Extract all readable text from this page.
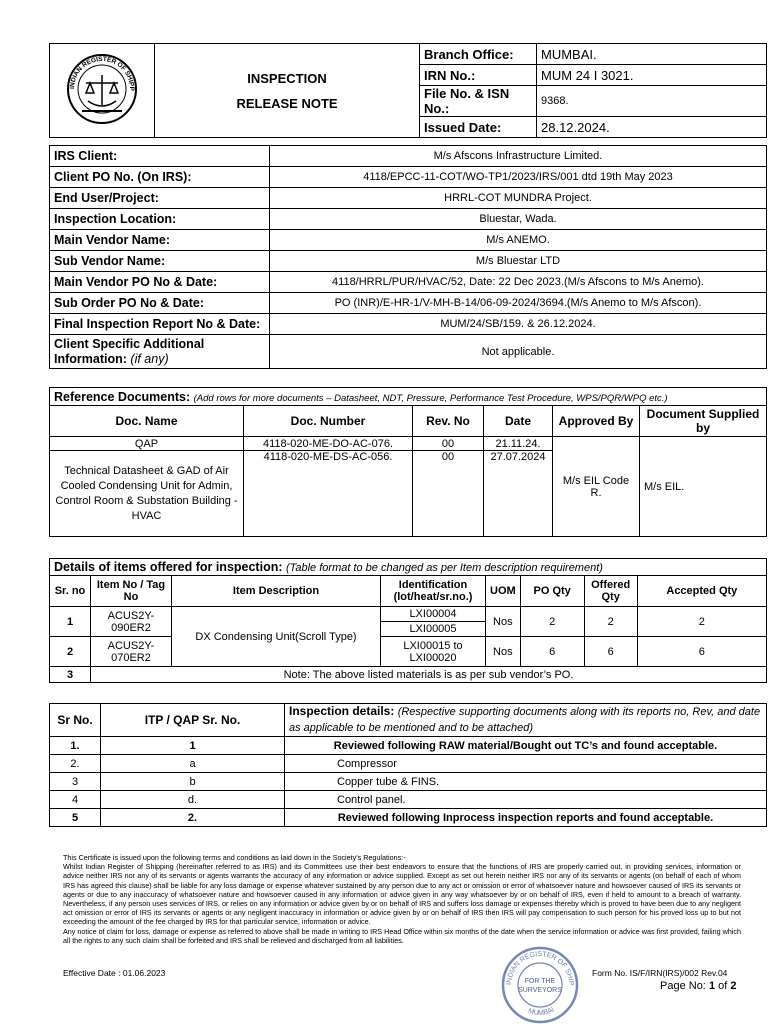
INDIAN REGISTER OF SHIPP	INSPECTION
RELEASE NOTE	Branch Office:	MUMBAI.
		IRN No.:	MUM 24 I 3021.
		File No. & ISN No.:	9368.
		Issued Date:	28.12.2024.
IRS Client:	M/s Afscons Infrastructure Limited.
Client PO No. (On IRS):	4118/EPCC-11-COT/WO-TP1/2023/IRS/001 dtd 19th May 2023
End User/Project:	HRRL-COT MUNDRA Project.
Inspection Location:	Bluestar, Wada.
Main Vendor Name:	M/s ANEMO.
Sub Vendor Name:	M/s Bluestar LTD
Main Vendor PO No & Date:	4118/HRRL/PUR/HVAC/52, Date: 22 Dec 2023.(M/s Afscons to M/s Anemo).
Sub Order PO No & Date:	PO (INR)/E-HR-1/V-MH-B-14/06-09-2024/3694.(M/s Anemo to M/s Afscon).
Final Inspection Report No & Date:	MUM/24/SB/159. & 26.12.2024.
Client Specific Additional Information: (if any)	Not applicable.
Reference Documents: (Add rows for more documents – Datasheet, NDT, Pressure, Performance Test Procedure, WPS/PQR/WPQ etc.)					
Doc. Name	Doc. Number	Rev. No	Date	Approved By	Document Supplied by
QAP	4118-020-ME-DO-AC-076.	00	21.11.24.	M/s EIL Code R.	M/s EIL.
Technical Datasheet & GAD of Air Cooled Condensing Unit for Admin, Control Room & Substation Building - HVAC	4118-020-ME-DS-AC-056.	00	27.07.2024		
Details of items offered for inspection: (Table format to be changed as per Item description requirement)							
Sr. no	Item No / Tag No	Item Description	Identification (lot/heat/sr.no.)	UOM	PO Qty	Offered Qty	Accepted Qty
1	ACUS2Y-090ER2	DX Condensing Unit(Scroll Type)	LXI00004	Nos	2	2	2
			LXI00005				
2	ACUS2Y-070ER2		LXI00015 to LXI00020	Nos	6	6	6
3	Note: The above listed materials is as per sub vendor’s PO.						
Sr No.	ITP / QAP Sr. No.	Inspection details: (Respective supporting documents along with its reports no, Rev, and date as applicable to be mentioned and to be attached)
1.	1	Reviewed following RAW material/Bought out TC’s and found acceptable.
2.	a	Compressor
3	b	Copper tube & FINS.
4	d.	Control panel.
5	2.	Reviewed following Inprocess inspection reports and found acceptable.
This Certificate is issued upon the following terms and conditions as laid down in the Society's Regulations:-
Whilst Indian Register of Shipping (hereinafter referred to as IRS) and its Committees use their best endeavors to ensure that the functions of IRS are properly carried out, in providing services, information or advice neither IRS nor any of its servants or agents warrants the accuracy of any information or advice supplied. Except as set out herein neither IRS nor any of its servants or agents (on behalf of each of whom IRS has agreed this clause) shall be liable for any loss damage or expense whatever sustained by any person due to any act or omission or error of whatsoever nature and howsoever caused of IRS its servants or agents or due to any inaccuracy of whatsoever nature and howsoever caused in any information or advice given in any way whatsoever by or on behalf of IRS, even if held to amount to a breach of warranty. Nevertheless, if any person uses services of IRS, or relies on any information or advice given by or on behalf of IRS and suffers loss damage or expenses thereby which is proved to have been due to any negligent act omission or error of IRS its servants or agents or any negligent inaccuracy in information or advice given by or on behalf of IRS then IRS will pay compensation to such person for his proved loss up to but not exceeding the amount of the fee charged by IRS for that particular service, information or advice.
Any notice of claim for loss, damage or expense as referred to above shall be made in writing to IRS Head Office within six months of the date when the service information or advice was first provided, failing which all the rights to any such claim shall be forfeited and IRS shall be relieved and discharged from all liabilities.
INDIAN REGISTER OF SHIP
MUMBAI
FOR THE
SURVEYORS
Effective Date : 01.06.2023	Form No. IS/F/IRN(IRS)/002 Rev.04
Page No: 1 of 2
